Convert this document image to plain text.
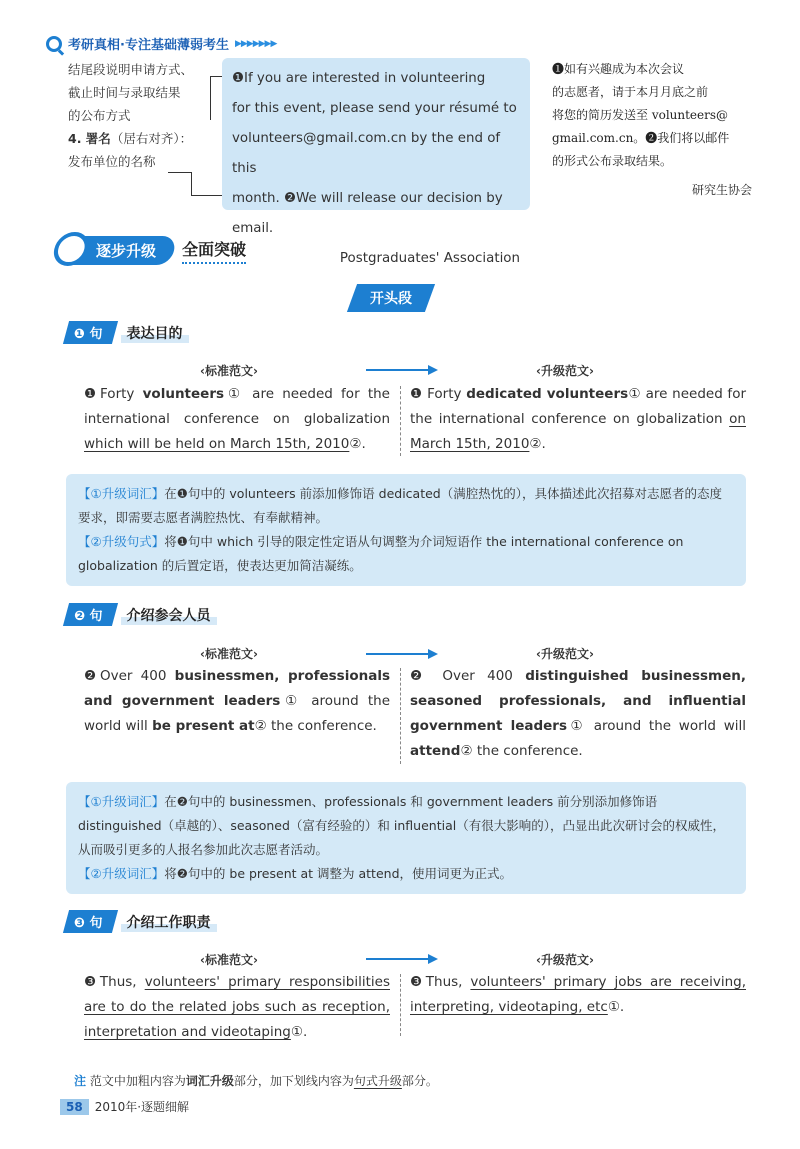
考研真相·专注基础薄弱考生 ▶▶▶▶▶▶▶
结尾段说明申请方式、
截止时间与录取结果
的公布方式
4. 署名（居右对齐）：
发布单位的名称
❶If you are interested in volunteering
for this event, please send your résumé to
volunteers@gmail.com.cn by the end of this
month. ❷We will release our decision by email.
Postgraduates' Association
❶如有兴趣成为本次会议
的志愿者，请于本月月底之前
将您的简历发送至 volunteers@
gmail.com.cn。❷我们将以邮件
的形式公布录取结果。
研究生协会
逐步升级	全面突破
开头段
❶ 句	表达目的
‹标准范文›	‹升级范文›
❶Forty volunteers① are needed for the international conference on globalization which will be held on March 15th, 2010②.
❶ Forty dedicated volunteers① are needed for the international conference on globalization on March 15th, 2010②.
【①升级词汇】在❶句中的 volunteers 前添加修饰语 dedicated（满腔热忱的），具体描述此次招募对志愿者的态度要求，即需要志愿者满腔热忱、有奉献精神。
【②升级句式】将❶句中 which 引导的限定性定语从句调整为介词短语作 the international conference on globalization 的后置定语，使表达更加简洁凝练。
❷ 句	介绍参会人员
‹标准范文›	‹升级范文›
❷Over 400 businessmen, professionals and government leaders① around the world will be present at② the conference.
❷ Over 400 distinguished businessmen, seasoned professionals, and influential government leaders① around the world will attend② the conference.
【①升级词汇】在❷句中的 businessmen、professionals 和 government leaders 前分别添加修饰语 distinguished（卓越的）、seasoned（富有经验的）和 influential（有很大影响的），凸显出此次研讨会的权威性，从而吸引更多的人报名参加此次志愿者活动。
【②升级词汇】将❷句中的 be present at 调整为 attend，使用词更为正式。
❸ 句	介绍工作职责
‹标准范文›	‹升级范文›
❸Thus, volunteers' primary responsibilities are to do the related jobs such as reception, interpretation and videotaping①.
❸Thus, volunteers' primary jobs are receiving, interpreting, videotaping, etc①.
注 范文中加粗内容为词汇升级部分，加下划线内容为句式升级部分。
58	2010年·逐题细解
